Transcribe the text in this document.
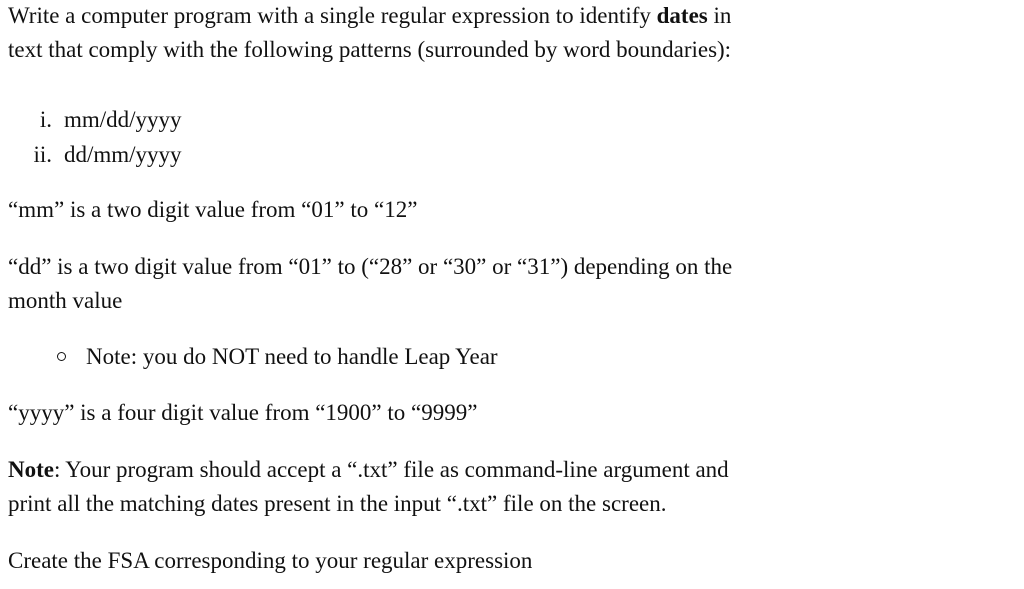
Write a computer program with a single regular expression to identify dates in
text that comply with the following patterns (surrounded by word boundaries):
i. mm/dd/yyyy
ii. dd/mm/yyyy
“mm” is a two digit value from “01” to “12”
“dd” is a two digit value from “01” to (“28” or “30” or “31”) depending on the
month value
Note: you do NOT need to handle Leap Year
“yyyy” is a four digit value from “1900” to “9999”
Note: Your program should accept a “.txt” file as command-line argument and
print all the matching dates present in the input “.txt” file on the screen.
Create the FSA corresponding to your regular expression
